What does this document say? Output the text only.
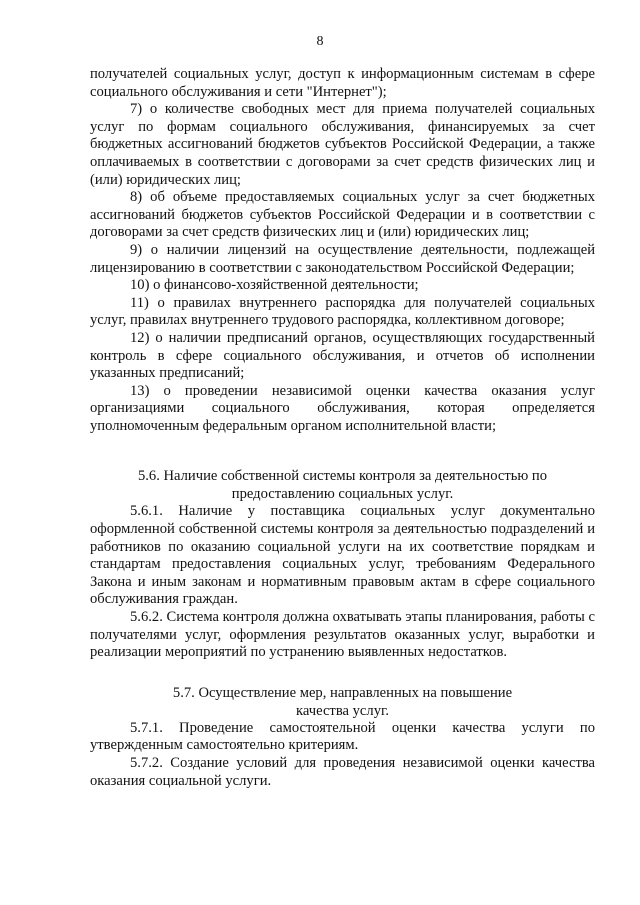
8

получателей социальных услуг, доступ к информационным системам в сфере социального обслуживания и сети "Интернет");

7) о количестве свободных мест для приема получателей социальных услуг по формам социального обслуживания, финансируемых за счет бюджетных ассигнований бюджетов субъектов Российской Федерации, а также оплачиваемых в соответствии с договорами за счет средств физических лиц и (или) юридических лиц;

8) об объеме предоставляемых социальных услуг за счет бюджетных ассигнований бюджетов субъектов Российской Федерации и в соответствии с договорами за счет средств физических лиц и (или) юридических лиц;

9) о наличии лицензий на осуществление деятельности, подлежащей лицензированию в соответствии с законодательством Российской Федерации;

10) о финансово-хозяйственной деятельности;

11) о правилах внутреннего распорядка для получателей социальных услуг, правилах внутреннего трудового распорядка, коллективном договоре;

12) о наличии предписаний органов, осуществляющих государственный контроль в сфере социального обслуживания, и отчетов об исполнении указанных предписаний;

13) о проведении независимой оценки качества оказания услуг организациями социального обслуживания, которая определяется уполномоченным федеральным органом исполнительной власти;

5.6. Наличие собственной системы контроля за деятельностью по

предоставлению социальных услуг.

5.6.1. Наличие у поставщика социальных услуг документально оформленной собственной системы контроля за деятельностью подразделений и работников по оказанию социальной услуги на их соответствие порядкам и стандартам предоставления социальных услуг, требованиям Федерального Закона и иным законам и нормативным правовым актам в сфере социального обслуживания граждан.

5.6.2. Система контроля должна охватывать этапы планирования, работы с получателями услуг, оформления результатов оказанных услуг, выработки и реализации мероприятий по устранению выявленных недостатков.

5.7. Осуществление мер, направленных на повышение

качества услуг.

5.7.1. Проведение самостоятельной оценки качества услуги по утвержденным самостоятельно критериям.

5.7.2. Создание условий для проведения независимой оценки качества оказания социальной услуги.
